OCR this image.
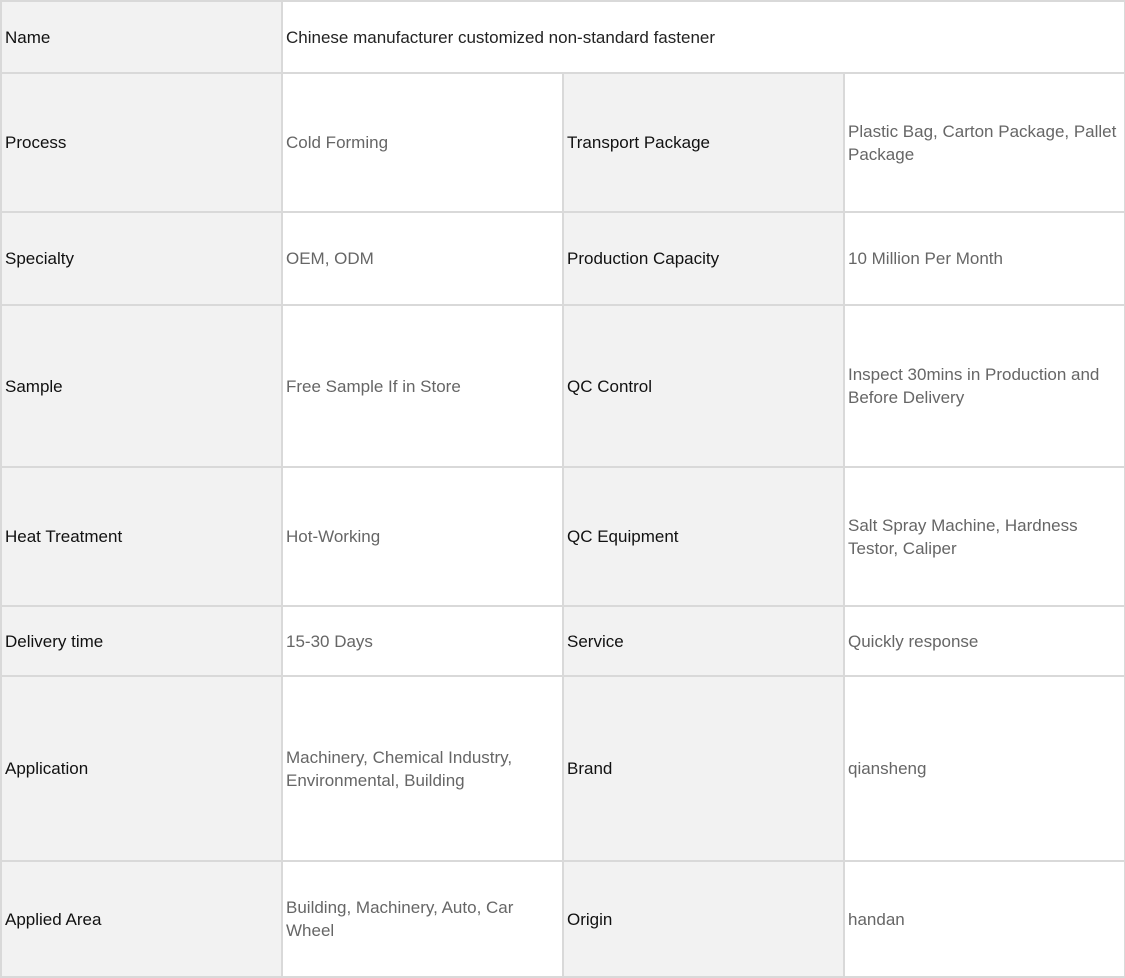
Name	Chinese manufacturer customized non-standard fastener		
Process	Cold Forming	Transport Package	Plastic Bag, Carton Package, Pallet Package
Specialty	OEM, ODM	Production Capacity	10 Million Per Month
Sample	Free Sample If in Store	QC Control	Inspect 30mins in Production and Before Delivery
Heat Treatment	Hot-Working	QC Equipment	Salt Spray Machine, Hardness Testor, Caliper
Delivery time	15-30 Days	Service	Quickly response
Application	Machinery, Chemical Industry, Environmental, Building	Brand	qiansheng
Applied Area	Building, Machinery, Auto, Car Wheel	Origin	handan
